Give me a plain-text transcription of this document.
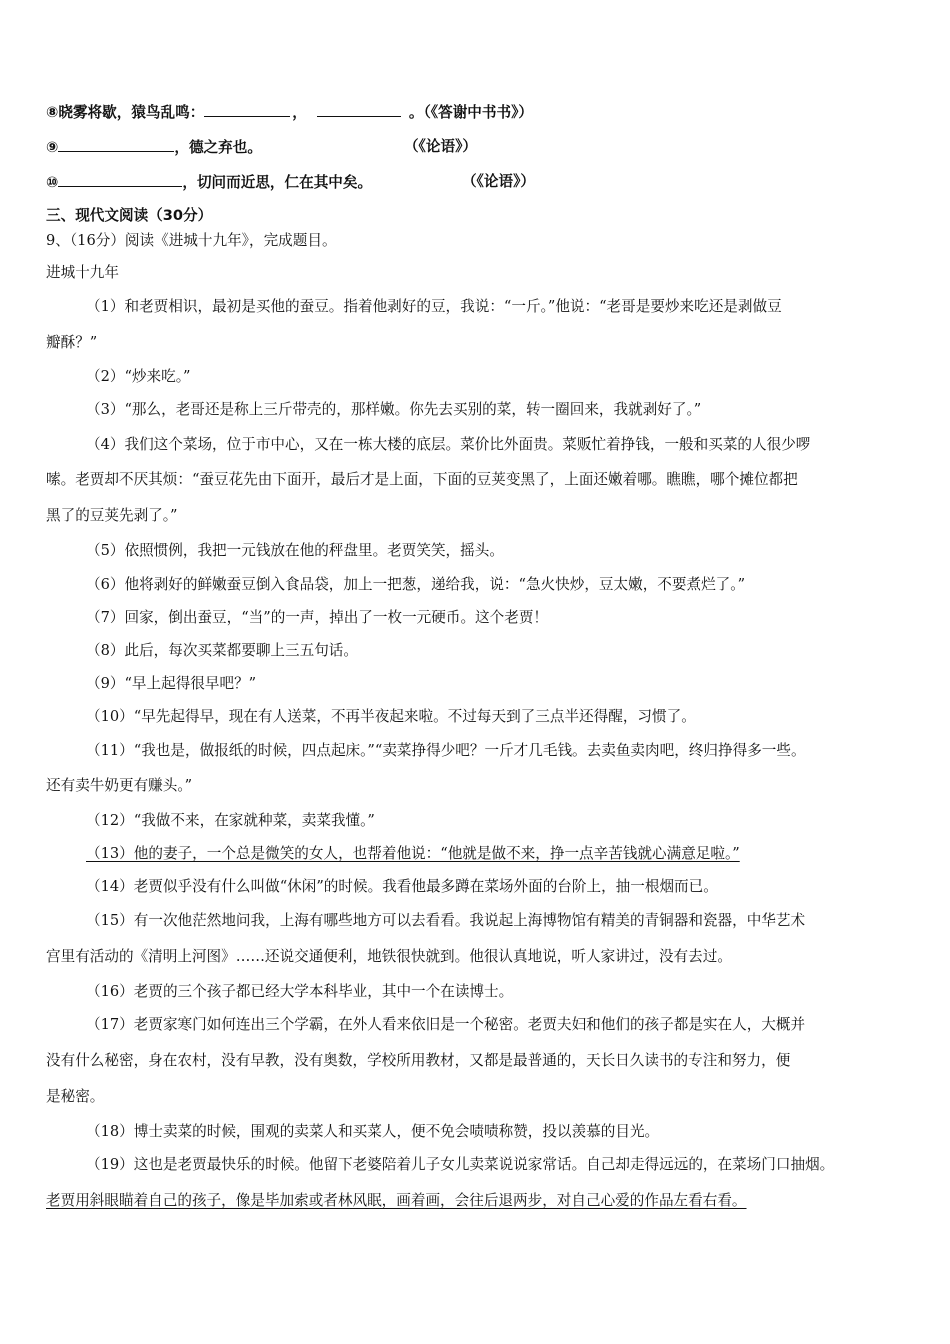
⑧晓雾将歇，猿鸟乱鸣：	，	。（《答谢中书书》）
⑨	，德之弃也。	（《论语》）
⑩	，切问而近思，仁在其中矣。	（《论语》）
三、现代文阅读（30分）
9、（16分）阅读《进城十九年》，完成题目。
进城十九年
（1）和老贾相识，最初是买他的蚕豆。指着他剥好的豆，我说：“一斤。”他说：“老哥是要炒来吃还是剥做豆
瓣酥？”
（2）“炒来吃。”
（3）“那么，老哥还是称上三斤带壳的，那样嫩。你先去买别的菜，转一圈回来，我就剥好了。”
（4）我们这个菜场，位于市中心，又在一栋大楼的底层。菜价比外面贵。菜贩忙着挣钱，一般和买菜的人很少啰
嗦。老贾却不厌其烦：“蚕豆花先由下面开，最后才是上面，下面的豆荚变黑了，上面还嫩着哪。瞧瞧，哪个摊位都把
黑了的豆荚先剥了。”
（5）依照惯例，我把一元钱放在他的秤盘里。老贾笑笑，摇头。
（6）他将剥好的鲜嫩蚕豆倒入食品袋，加上一把葱，递给我，说：“急火快炒，豆太嫩，不要煮烂了。”
（7）回家，倒出蚕豆，“当”的一声，掉出了一枚一元硬币。这个老贾！
（8）此后，每次买菜都要聊上三五句话。
（9）“早上起得很早吧？”
（10）“早先起得早，现在有人送菜，不再半夜起来啦。不过每天到了三点半还得醒，习惯了。
（11）“我也是，做报纸的时候，四点起床。”“卖菜挣得少吧？一斤才几毛钱。去卖鱼卖肉吧，终归挣得多一些。
还有卖牛奶更有赚头。”
（12）“我做不来，在家就种菜，卖菜我懂。”
（13）他的妻子，一个总是微笑的女人，也帮着他说：“他就是做不来，挣一点辛苦钱就心满意足啦。”
（14）老贾似乎没有什么叫做“休闲”的时候。我看他最多蹲在菜场外面的台阶上，抽一根烟而已。
（15）有一次他茫然地问我，上海有哪些地方可以去看看。我说起上海博物馆有精美的青铜器和瓷器，中华艺术
宫里有活动的《清明上河图》……还说交通便利，地铁很快就到。他很认真地说，听人家讲过，没有去过。
（16）老贾的三个孩子都已经大学本科毕业，其中一个在读博士。
（17）老贾家寒门如何连出三个学霸，在外人看来依旧是一个秘密。老贾夫妇和他们的孩子都是实在人，大概并
没有什么秘密，身在农村，没有早教，没有奥数，学校所用教材，又都是最普通的，天长日久读书的专注和努力，便
是秘密。
（18）博士卖菜的时候，围观的卖菜人和买菜人，便不免会啧啧称赞，投以羡慕的目光。
（19）这也是老贾最快乐的时候。他留下老婆陪着儿子女儿卖菜说说家常话。自己却走得远远的，在菜场门口抽烟。
老贾用斜眼瞄着自己的孩子，像是毕加索或者林风眠，画着画，会往后退两步，对自己心爱的作品左看右看。
